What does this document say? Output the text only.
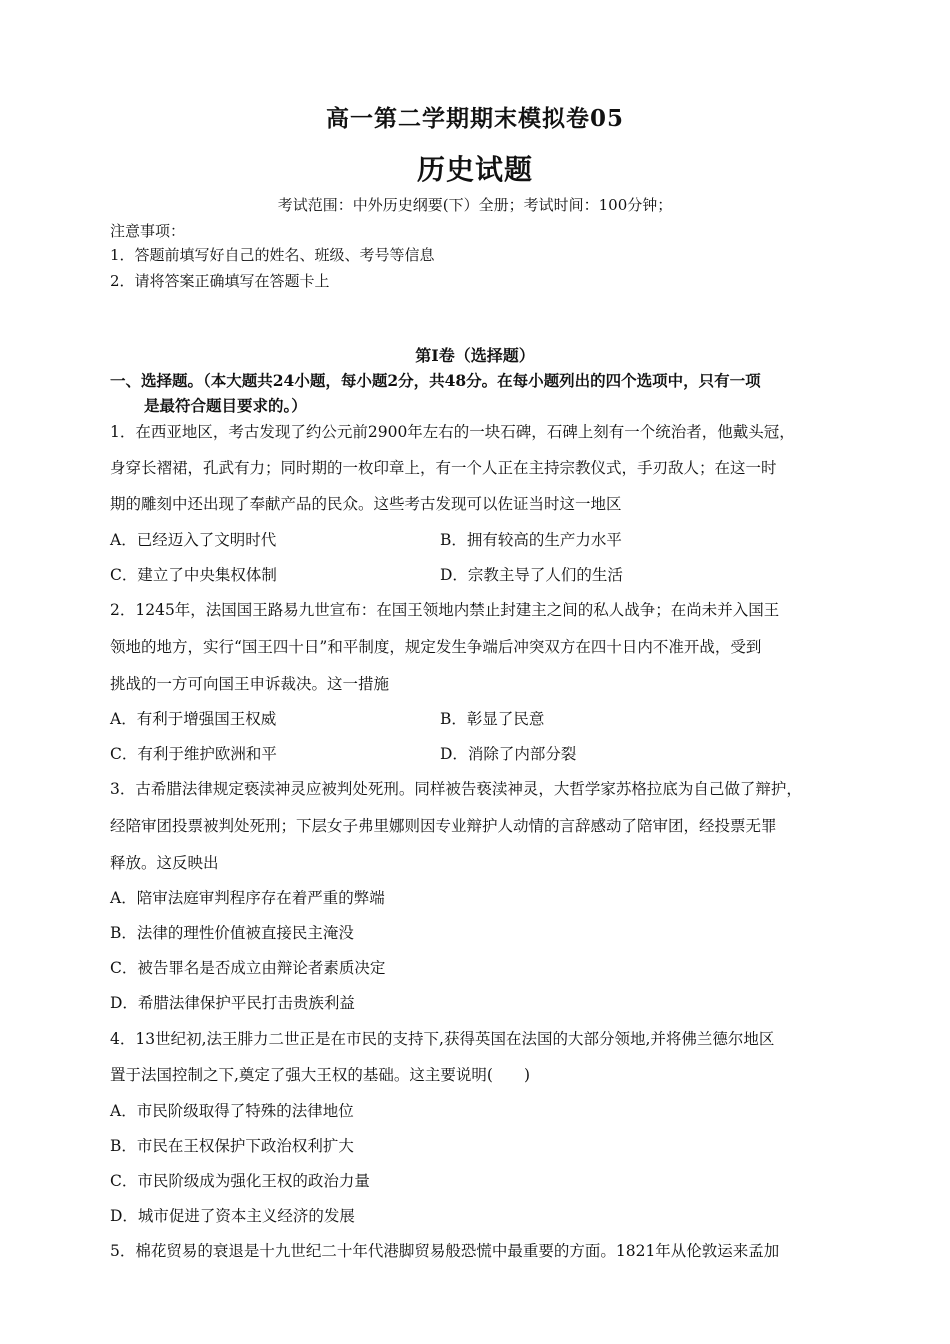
高一第二学期期末模拟卷05
历史试题
考试范围：中外历史纲要(下）全册；考试时间：100分钟；
注意事项：
1．答题前填写好自己的姓名、班级、考号等信息
2．请将答案正确填写在答题卡上
第I卷（选择题）
一、选择题。（本大题共24小题，每小题2分，共48分。在每小题列出的四个选项中，只有一项
是最符合题目要求的。）
1．在西亚地区，考古发现了约公元前2900年左右的一块石碑，石碑上刻有一个统治者，他戴头冠，
身穿长褶裙，孔武有力；同时期的一枚印章上，有一个人正在主持宗教仪式，手刃敌人；在这一时
期的雕刻中还出现了奉献产品的民众。这些考古发现可以佐证当时这一地区
A．已经迈入了文明时代	B．拥有较高的生产力水平
C．建立了中央集权体制	D．宗教主导了人们的生活
2．1245年，法国国王路易九世宣布：在国王领地内禁止封建主之间的私人战争；在尚未并入国王
领地的地方，实行“国王四十日”和平制度，规定发生争端后冲突双方在四十日内不准开战，受到
挑战的一方可向国王申诉裁决。这一措施
A．有利于增强国王权威	B．彰显了民意
C．有利于维护欧洲和平	D．消除了内部分裂
3．古希腊法律规定亵渎神灵应被判处死刑。同样被告亵渎神灵，大哲学家苏格拉底为自己做了辩护，
经陪审团投票被判处死刑；下层女子弗里娜则因专业辩护人动情的言辞感动了陪审团，经投票无罪
释放。这反映出
A．陪审法庭审判程序存在着严重的弊端
B．法律的理性价值被直接民主淹没
C．被告罪名是否成立由辩论者素质决定
D．希腊法律保护平民打击贵族利益
4．13世纪初,法王腓力二世正是在市民的支持下,获得英国在法国的大部分领地,并将佛兰德尔地区
置于法国控制之下,奠定了强大王权的基础。这主要说明(　　)
A．市民阶级取得了特殊的法律地位
B．市民在王权保护下政治权利扩大
C．市民阶级成为强化王权的政治力量
D．城市促进了资本主义经济的发展
5．棉花贸易的衰退是十九世纪二十年代港脚贸易般恐慌中最重要的方面。1821年从伦敦运来孟加
